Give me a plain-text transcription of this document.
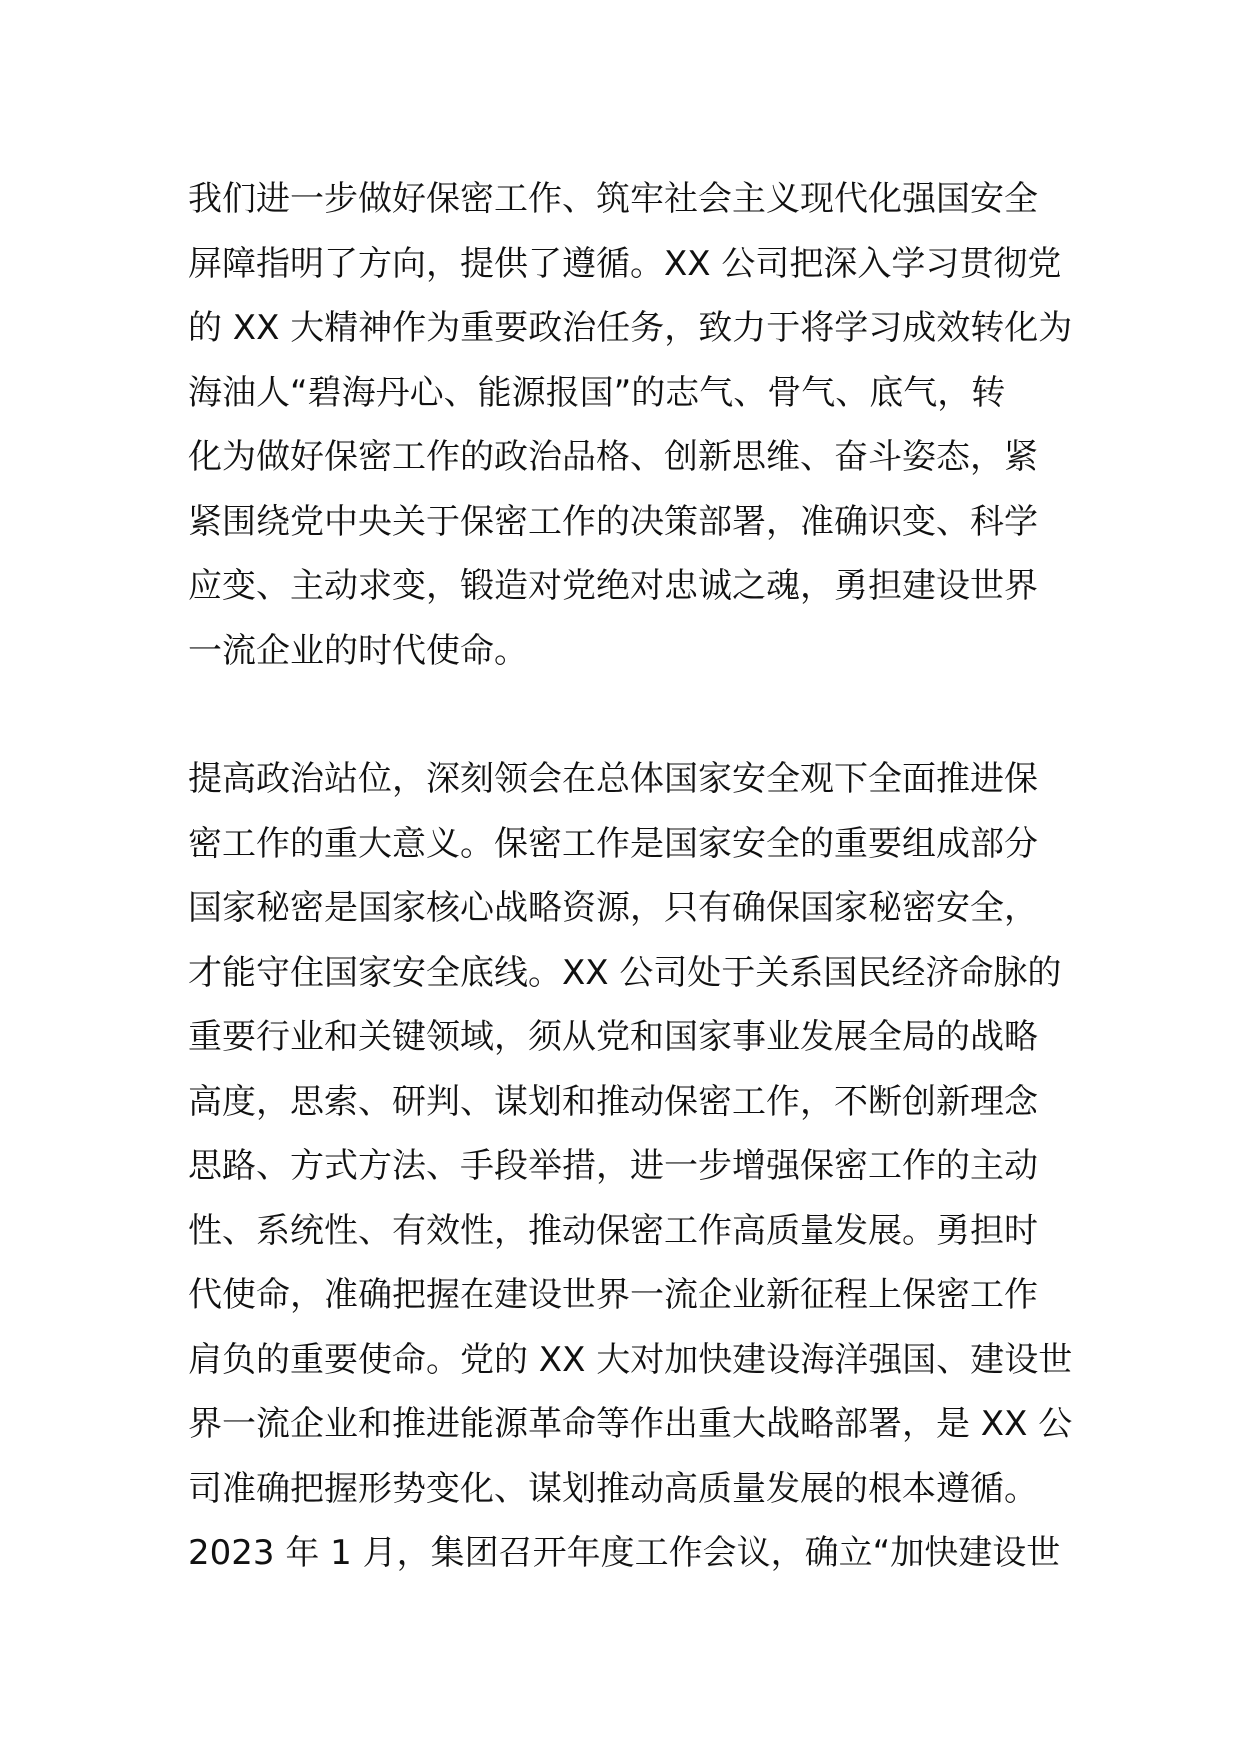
我们进一步做好保密工作、筑牢社会主义现代化强国安全
屏障指明了方向，提供了遵循。XX 公司把深入学习贯彻党
的 XX 大精神作为重要政治任务，致力于将学习成效转化为
海油人“碧海丹心、能源报国”的志气、骨气、底气，转
化为做好保密工作的政治品格、创新思维、奋斗姿态，紧
紧围绕党中央关于保密工作的决策部署，准确识变、科学
应变、主动求变，锻造对党绝对忠诚之魂，勇担建设世界
一流企业的时代使命。

提高政治站位，深刻领会在总体国家安全观下全面推进保
密工作的重大意义。保密工作是国家安全的重要组成部分
国家秘密是国家核心战略资源，只有确保国家秘密安全，
才能守住国家安全底线。XX 公司处于关系国民经济命脉的
重要行业和关键领域，须从党和国家事业发展全局的战略
高度，思索、研判、谋划和推动保密工作，不断创新理念
思路、方式方法、手段举措，进一步增强保密工作的主动
性、系统性、有效性，推动保密工作高质量发展。勇担时
代使命，准确把握在建设世界一流企业新征程上保密工作
肩负的重要使命。党的 XX 大对加快建设海洋强国、建设世
界一流企业和推进能源革命等作出重大战略部署，是 XX 公
司准确把握形势变化、谋划推动高质量发展的根本遵循。
2023 年 1 月，集团召开年度工作会议，确立“加快建设世
